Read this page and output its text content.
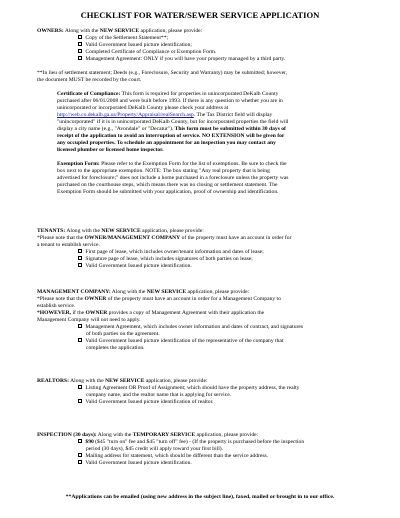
CHECKLIST FOR WATER/SEWER SERVICE APPLICATION
OWNERS: Along with the NEW SERVICE application, please provide:
Copy of the Settlement Statement**;
Valid Government Issued picture identification;
Completed Certificate of Compliance or Exemption Form.
Management Agreement: ONLY if you will have your property managed by a third party.
**In lieu of settlement statement; Deeds (e.g., Foreclosure, Security and Warranty) may be submitted; however,
the document MUST be recorded by the court.
Certificate of Compliance: This form is required for properties in unincorporated DeKalb County
purchased after 06/01/2008 and were built before 1993. If there is any question to whether you are in
unincorporated or incorporated DeKalb County please check your address at
http://web.co.dekalb.ga.us/Property/Appraisal/realSearch.asp. The Tax District field will display
"unincorporated" if it is in unincorporated DeKalb County, but for incorporated properties the field will
display a city name (e.g., "Avondale" or "Decatur"). This form must be submitted within 30 days of
receipt of the application to avoid an interruption of service. NO EXTENSION will be given for
any occupied properties. To schedule an appointment for an inspection you may contact any
licensed plumber or licensed home inspector.
Exemption Form: Please refer to the Exemption Form for the list of exemptions. Be sure to check the
box next to the appropriate exemption. NOTE: The box stating "Any real property that is being
advertised for foreclosure;" does not include a home purchased in a foreclosure unless the property was
purchased on the courthouse steps, which means there was no closing or settlement statement. The
Exemption Form should be submitted with your application, proof of ownership and identification.
TENANTS: Along with the NEW SERVICE application, please provide:
*Please note that the OWNER/MANAGEMENT COMPANY of the property must have an account in order for
a tenant to establish service.
First page of lease, which includes owner/tenant information and dates of lease;
Signature page of lease, which includes signatures of both parties on lease;
Valid Government Issued picture identification.
MANAGEMENT COMPANY: Along with the NEW SERVICE application, please provide:
*Please note that the OWNER of the property must have an account in order for a Management Company to
establish service.
*HOWEVER, if the OWNER provides a copy of Management Agreement with their application the
Management Company will not need to apply.
Management Agreement, which includes owner information and dates of contract, and signatures
of both parties on the agreement.
Valid Government Issued picture identification of the representative of the company that
completes the application.
REALTORS: Along with the NEW SERVICE application, please provide:
Listing Agreement OR Proof of Assignment; which should have the property address, the realty
company name, and the realtor name that is applying for service.
Valid Government Issued picture identification of realtor.
INSPECTION (30 days): Along with the TEMPORARY SERVICE application, please provide:
$90 ($45 "turn on" fee and $45 "turn off" fee) - (If the property is purchased before the inspection
period (30 days), $45 credit will apply toward your first bill).
Mailing address for statement, which should be different than the service address.
Valid Government Issued picture identification.
**Applications can be emailed (using new address in the subject line), faxed, mailed or brought in to our office.
